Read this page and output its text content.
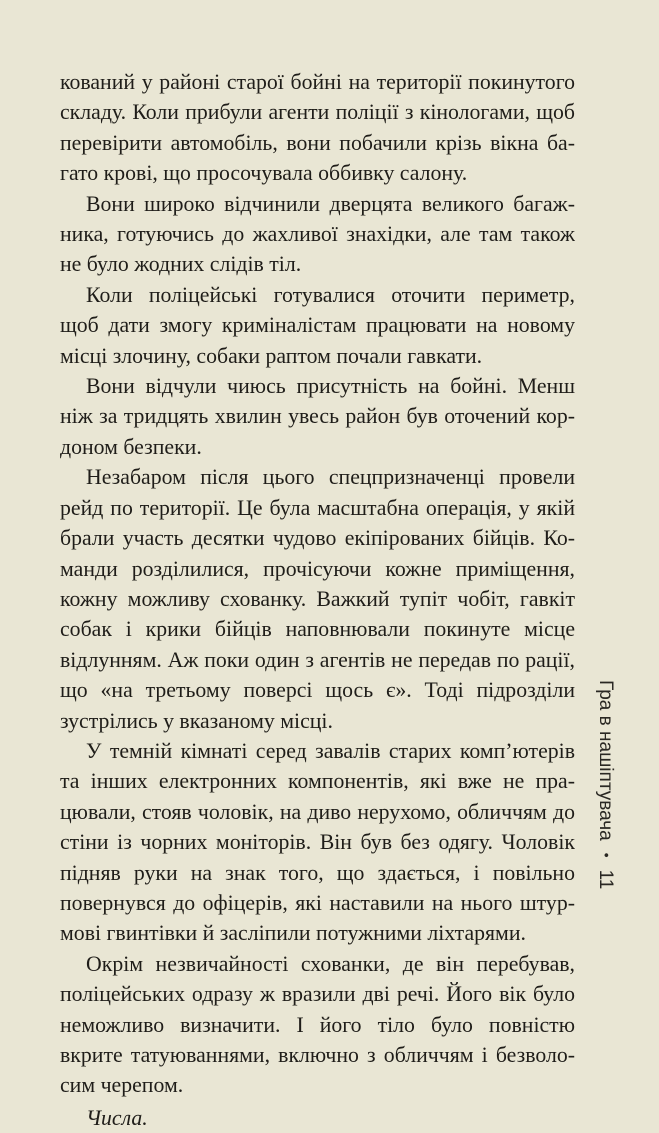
кований у районі старої бойні на території покинутого складу. Коли прибули агенти поліції з кінологами, щоб перевірити автомобіль, вони побачили крізь вікна багато крові, що просочувала оббивку салону.

Вони широко відчинили дверцята великого багажника, готуючись до жахливої знахідки, але там також не було жодних слідів тіл.

Коли поліцейські готувалися оточити периметр, щоб дати змогу криміналістам працювати на новому місці злочину, собаки раптом почали гавкати.

Вони відчули чиюсь присутність на бойні. Менш ніж за тридцять хвилин увесь район був оточений кордоном безпеки.

Незабаром після цього спецпризначенці провели рейд по території. Це була масштабна операція, у якій брали участь десятки чудово екіпірованих бійців. Команди розділилися, прочісуючи кожне приміщення, кожну можливу схованку. Важкий тупіт чобіт, гавкіт собак і крики бійців наповнювали покинуте місце відлунням. Аж поки один з агентів не передав по рації, що «на третьому поверсі щось є». Тоді підрозділи зустрілись у вказаному місці.

У темній кімнаті серед завалів старих комп’ютерів та інших електронних компонентів, які вже не працювали, стояв чоловік, на диво нерухомо, обличчям до стіни із чорних моніторів. Він був без одягу. Чоловік підняв руки на знак того, що здається, і повільно повернувся до офіцерів, які наставили на нього штурмові гвинтівки й засліпили потужними ліхтарями.

Окрім незвичайності схованки, де він перебував, поліцейських одразу ж вразили дві речі. Його вік було неможливо визначити. І його тіло було повністю вкрите татуюваннями, включно з обличчям і безволосим черепом.

Числа.

Гра в нашіптувача•11
